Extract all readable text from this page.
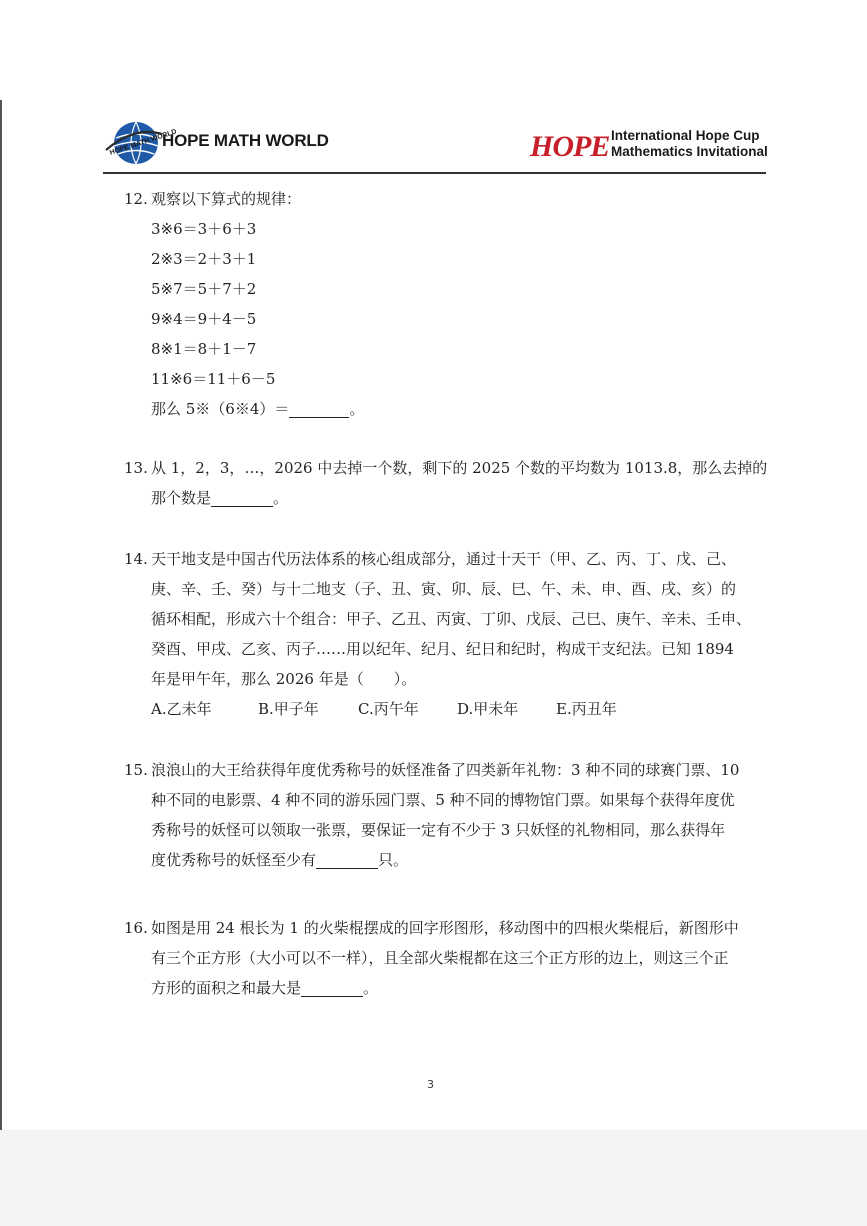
HOPE MATH WORLD
HOPE MATH WORLD	HOPE International Hope Cup
Mathematics Invitational
12. 观察以下算式的规律：
3※6＝3＋6＋3
2※3＝2＋3＋1
5※7＝5＋7＋2
9※4＝9＋4－5
8※1＝8＋1－7
11※6＝11＋6－5
那么 5※（6※4）＝	。
13. 从 1，2，3，…，2026 中去掉一个数，剩下的 2025 个数的平均数为 1013.8，那么去掉的
那个数是	。
14. 天干地支是中国古代历法体系的核心组成部分，通过十天干（甲、乙、丙、丁、戊、己、
庚、辛、壬、癸）与十二地支（子、丑、寅、卯、辰、巳、午、未、申、酉、戌、亥）的
循环相配，形成六十个组合：甲子、乙丑、丙寅、丁卯、戊辰、己巳、庚午、辛未、壬申、
癸酉、甲戌、乙亥、丙子……用以纪年、纪月、纪日和纪时，构成干支纪法。已知 1894
年是甲午年，那么 2026 年是（　　）。
A.乙未年	B.甲子年	C.丙午年	D.甲未年	E.丙丑年
15. 浪浪山的大王给获得年度优秀称号的妖怪准备了四类新年礼物：3 种不同的球赛门票、10
种不同的电影票、4 种不同的游乐园门票、5 种不同的博物馆门票。如果每个获得年度优
秀称号的妖怪可以领取一张票，要保证一定有不少于 3 只妖怪的礼物相同，那么获得年
度优秀称号的妖怪至少有	只。
16. 如图是用 24 根长为 1 的火柴棍摆成的回字形图形，移动图中的四根火柴棍后，新图形中
有三个正方形（大小可以不一样），且全部火柴棍都在这三个正方形的边上，则这三个正
方形的面积之和最大是	。
3
